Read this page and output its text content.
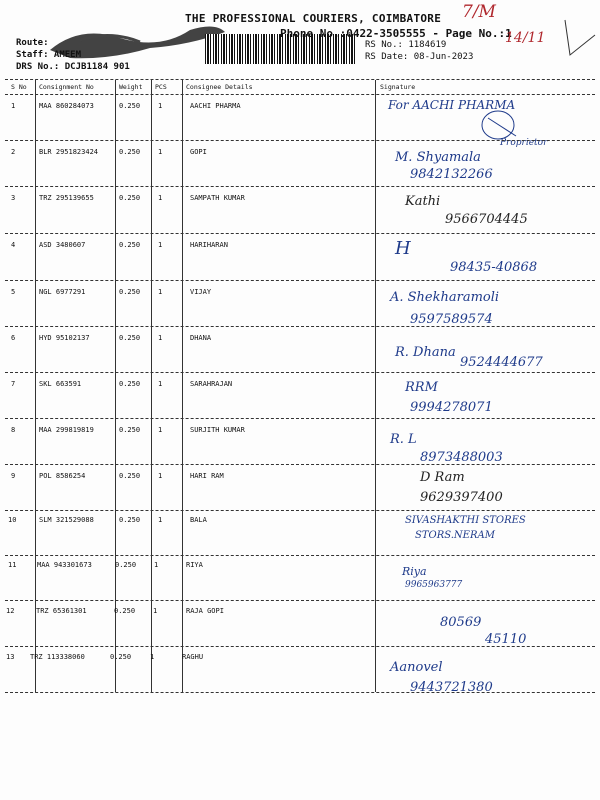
THE PROFESSIONAL COURIERS, COIMBATORE
Phone No.:0422-3505555 - Page No.:1
Route:
Staff: AMEEM
DRS No.: DCJB1184 901
RS No.: 1184619
RS Date: 08-Jun-2023
7/M
14/11
S No Consignment No	Weight PCS	Consignee Details	Signature
1	MAA 860284073	0.250	1	AACHI PHARMA	For AACHI PHARMA
Proprietor
2	BLR 2951823424	0.250	1	GOPI	M. Shyamala
9842132266
3	TRZ 295139655	0.250	1	SAMPATH KUMAR	Kathi
9566704445
4	ASD 3480607	0.250	1	HARIHARAN	H
98435-40868
5	NGL 6977291	0.250	1	VIJAY	A. Shekharamoli
9597589574
6	HYD 95102137	0.250	1	DHANA
R. Dhana
9524444677
7	SKL 663591	0.250	1	SARAHRAJAN	RRM
9994278071
8	MAA 299819819	0.250	1	SURJITH KUMAR
R. L
8973488003
9	POL 8586254	0.250	1	HARI RAM	D Ram
9629397400
10	SLM 321529088	0.250	1	BALA	SIVASHAKTHI STORES
STORS.NERAM
11	MAA 943301673	0.250	1	RIYA	Riya
9965963777
12	TRZ 65361301	0.250	1	RAJA GOPI
80569
45110
13 TRZ 113338060	0.250	1	RAGHU
Aanovel
9443721380
